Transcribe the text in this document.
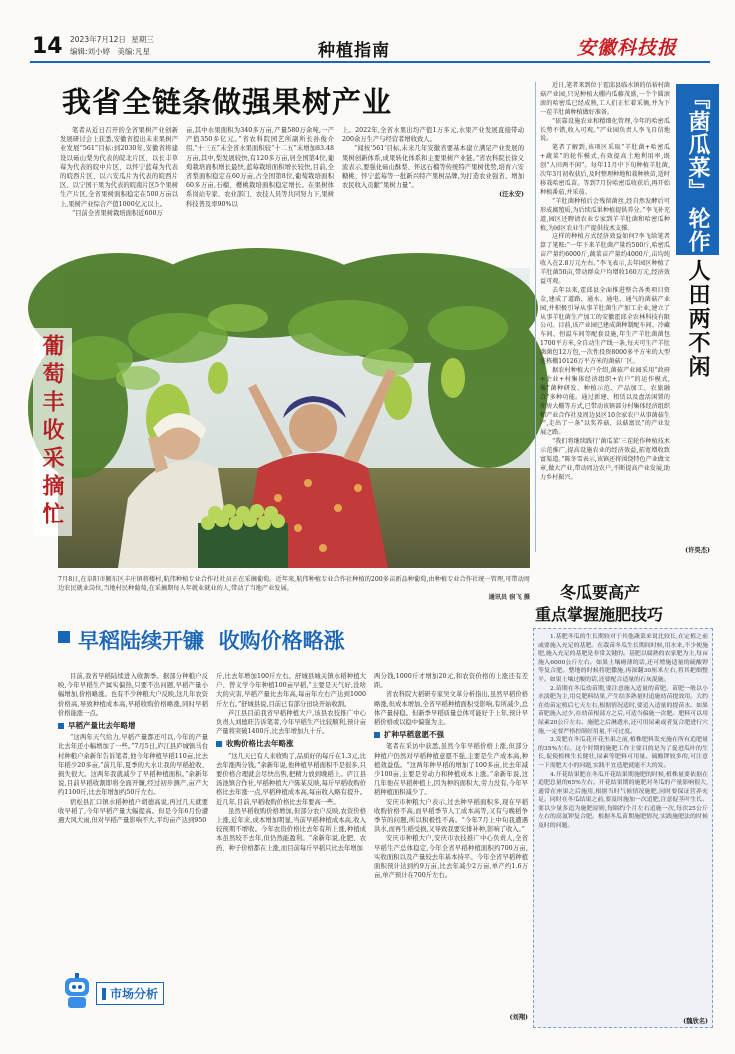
14 2023年7月12日 星期三
编辑:刘小婷 美编:凡星	种植指南	安徽科技报
我省全链条做强果树产业

笔者从近日召开的全省果树产业创新发展研讨会上获悉,安徽省提出未来果树产业发展“561”目标:到2030年,安徽省将建设以砀山梨为代表的皖北片区、以长丰草莓为代表的皖中片区、以怀宁蓝莓为代表的皖西片区、以六安瓜片为代表的皖西片区、以宁国干果为代表的皖南片区5个果树生产片区,全省果树面积稳定在500万亩以上,果树产业综合产值1000亿元以上。

“目前全省果树栽培面积近600万

亩,其中水果面积为340多万亩,产量580万余吨,一产产值350多亿元。”省农科院园艺所副所长孙俊介绍,“十三五”末全省水果面积较“十二五”末增加83.48万亩,其中,梨发展较快,有120多万亩,居全国第4位,葡萄栽培面积增长最快,蓝莓栽培面积增长较快,目前,全省梨面积稳定在60万亩,占全国第8位,葡萄栽培面积60多万亩,石榴、樱桃栽培面积稳定增长。在果树体系岗站专家、农业部门、农技人员等共同努力下,果树科技普及率90%以

上。2022年,全省水果出均产值1万多元,水果产业发展直接带动200余万生产与经营者增收致人。

“闻按‘561’目标,未来几年安徽省要基本建立满足产业发展的果树创新体系,成果转化体系和主要果树产业链。”省农科院长徐义流表示,要强化砀山酥梨、怀远石榴等传统特产果树优势,培育六安糖桃、怀宁蓝莓等一批新兴特产果树品牌,为打造农业强省、增加农民收入贡献“果树力量”。

(汪永安)
葡萄丰收采摘忙
7月8日,在阜阳市颍东区丰庄镇蒋楼村,航伟种植专业合作社社员正在采摘葡萄。近年来,航伟种植专业合作社种植的200多亩新品种葡萄,由种植专业合作社统一管理,可带动周边农民就业岗位,当地村民种葡萄,在采摘期每人年就业就业的人,带动了当地产业发展。
通讯员 宿飞 摄
『菌瓜菜』
轮作
人田两不闲

近日,笔者来到位于霍邱县临水镇的佰裕村菌菇产业园,只见种植大棚内瓜藤茂盛,一个个圆滚滚的哈密瓜已经成熟,工人们正忙着采摘,并为下一茬羊肚菌种植做好准备。

“依靠设施农业和精细化管理,今年的哈密瓜长势不错,收入可观。”产业园负责人李飞自信地说。

笔者了解到,该项区采取“羊肚菌+哈密瓜+蔬菜”的轮作模式,有效提高土地利用率,既创“人田两不闲”。每年11月中下旬种植羊肚菌,次年3月初收获后,及时整理种地和栽种秧苗,适时移栽哈密瓜苗。等到7月份哈密瓜收获后,再开始种植番茄,并采茄。

“羊肚菌种植后会残留菌丝,经自然发酵后可形成腐殖质,为后续瓜果种植提供养分。”李飞补充道,园区还聘请农业专家到羊羊肚菌和哈密瓜种植,为园区农业生产提供技术支撑。

这样的种植方式经济效益如何?李飞给笔者算了笔账:“一年下来羊肚菌产量约500斤,哈密瓜亩产量约6000斤,蔬菜亩产量约4000斤,亩均纯收入在2.8万元左右。”李飞表示,去年园区种植了羊肚菌50亩,带动群众户均增收160万元,经济效益可观。

去年以来,霍邱县全面推进整合各类项目资金,建成了道路、通水、通电、通气的菌菇产业园,并积极引导从事羊肚菌生产加工企业,建立了从事羊肚菌生产加工的安徽霍邱全农林科技有限公司。目前,该产业园已建成菌种制配车间、冷藏车间、恒温车间等配套设施,年生产羊肚菌菌包1700平方米,全自动生产线一条,每天可生产羊肚菌菌包12万包,一次性投资8000多平方米的大型连栋棚10126万平方米的菌菇厂区。

据农村种植大户介绍,菌菇产业园采用“政府+企业+村集体经济组织+农户”的运作模式,集“菌种研发、种植示范、产品加工、农旅融合”多种功能。通过新建、租赁以及盘活闲置的库房大棚等方式,已带动该镇部分村集体经济组织和产业合作社及周边县区10余家农户从事菌菇生产,走出了一条“以奖养菇、以菇富民”的产业发展之路。

“我们将继续践行‘菌瓜菜’三茬轮作种植技术示范推广,提高设施农业的经济效益,拓宽增收致富渠道。”陈冬雪表示,该镇还将围绕特色产业做文章,做大产业,带动周边农户,不断提高产业发展,助力乡村振兴。

(许昊杰)
冬瓜要高产
重点掌握施肥技巧

1.基肥冬瓜的生长期较对于其他蔬菜来说比较长,在定植之前或要施入充足的基肥。在栽苗冬瓜生长期间时候,用水来,不少便施肥,施入充足的基肥是非常关键的。基肥以腐熟的农家肥为主,每亩施入6000公斤左右。如果土壤瘠薄的话,还可增施适量的硫酸钾等复合肥。整地的时候将肥撒施,再深翻30厘米左右,将其耙细整平。如果土壤过酸的话,还要配合适量的石灰混施。

2.苗期在冬瓜幼苗期,要注意施入适量的苗肥。苗肥一般以小水淡肥为主,用兑肥料结果,产生结多熟量时追施幼苗提效用。大约在幼苗定植后七天左右,根据情况适时,要追入适量的提苗水。如果苗肥施入过少,在幼苗根部方之后,可适当偏施一次肥。肥料可以用尿素20公斤左右。施肥之后淋透水,还可用尿素或者复合肥进行穴施,一定要严格控制好用量,不可过度。

3.发肥在冬瓜花开花坐果之前,植株肥料发充施在所有追肥量的35%左右。这个时期的施肥工作主要目的是为了促进瓜叶的生长,促使植株生长健壮,尿素等肥料可用量。硫酸钾较多的,可注意一下需肥大小的问题,实践不宜造肥就能不大的发。

4.开花结果肥在冬瓜开花结果期施肥的时候,植株量要依据在追肥总量的65%左右。开花结果期的施肥对冬瓜的产量影响很大,通常在座果之后施用,根据当时气候情况施肥,同时要保证营养充足。同时在冬瓜结果之前,要及时施加一次追肥,注意促茎叶生长。要以少量多追为施肥原则,每隔约个月左右追施一次,每次25公斤左右的高氮钾复合肥。根据冬瓜苗期施肥情况,实践施肥法的时候及时的问题。

(魏欣名)
早稻陆续开镰  收购价格略涨

目前,我省早稻陆续进入收割季。据部分种粮户反映,今年早稻生产属实偏热,只要不出问题,早稻产量小幅增加,价格略涨。也有不少种粮大户反映,这几年农资价格高,导致种植成本高,早稻收购价格略涨,同时早稻价格能涨一点。

早稻产量比去年略增

“这两年天气给力,早稻产量都还可以,今年的产量比去年还小幅增加了一些。”7月5日,庐江县庐城镇马台村种粮户余新年告诉笔者,他今年种植早稻110亩,比去年稻少20多亩,“前几年,夏季的大水让我的早稻抢收、损失很大。这两年我就减少了早稻种植面积。”余新年说,目前早稻收割即将全面开镰,经过初步测产,亩产大约1100斤,比去年增加约50斤左右。

宿松县汇口镇水稻种植户胡德高说,再过几天就要收早稻了,今年早稻产量大幅提高。但是今年6月份遭遇大风大雨,但对早稻产量影响不大,平均亩产达到950

斤,比去年增加100斤左右。舒城县城关镇水稻种植大户、曾义学今年种植100亩早稻,“主要是天气好,没啥大的灾害,早稻产量比去年高,每亩年左右产达到1000斤左右。”舒城县说,目前已有部分田块开始收割。

芦江县目前我省早稻种植大户,该县农技推广中心负责人刘德旺告诉笔者,今年早稻生产比较顺利,预计亩产量将突破1400斤,比去年增加九十斤。

收购价格比去年略涨

“这几天已有人来收购了,品质好的每斤在1.3元,比去年涨两分钱。”余新年说,他种植早稻面积不是很多,只要价格合理就会尽快出售,把精力放到晚稻上。庐江县汤池镇合作社,早稻种植大户陈某反映,每斤早稻收购价格比去年涨一点,早稻种植成本高,每亩收入略有提升。近几年,目前,早稻收购价格比去年要高一些。

虽然早稻收购价格增加,但部分农户反映,农资价格上涨,近年来,成本增加明显,当前早稻种植成本高,收入较预期不增收。今年农资价格比去年有所上涨,种植成本虽然较不去年,但仍然能盈利。“余新年说,化肥、农药、种子价格都在上涨,而目前每斤早稻只比去年增加

两分钱,1000斤才增加20元,和农资价格的上涨还有差距。

省农科院大稻研专家吴文革分析指出,虽然早稻价格略涨,但成本增加,全省早稻种植面积受影响,有所减少,总体产量持稳。但新季早稻质量总体可能好于上年,预计早稻价格或以稳中偏强为主。

扩种早稻意愿不强

笔者在采访中获悉,虽然今年早稻价格上涨,但部分种植户仍然对早稻种植意愿不强,主要是生产成本高,种植效益低。“这两年种早稻的增加了100多亩,比去年减少100亩,主要是劳动力和种植成本上涨。”余新年说,这几年他在早稻种植上,因为种的面积大,劳力没有,今年早稻种植面积减少了。

安庆市种粮大户表示,过去种早稻面积多,现在早稻收购价格不高,而早稻季节人工成本高等,又有与晚稻争季节的问题,所以积极性不高。“今年7月上中旬我遭遇洪水,而再生稻受损,又导致我要安排补种,影响了收入。”

安庆市种粮大户,安庆市农技推广中心负责人,全省早稻生产总体稳定,今年全省早稻种植面积约700万亩,实收面积以及产量较去年基本持平。今年全省早稻种植面积预计达到约9万亩,比去年减少2万亩,单产约1.6万亩,单产预计在700斤左右。

(刘翔)
市场分析
